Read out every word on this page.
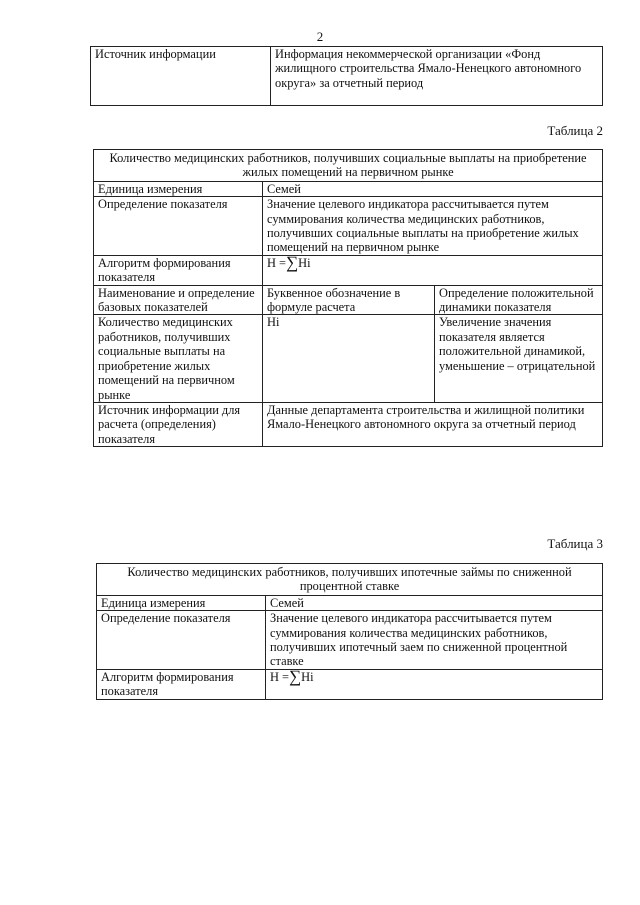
2
Источник информации	Информация некоммерческой организации «Фонд жилищного строительства Ямало-Ненецкого автономного округа» за отчетный период
Таблица 2
Количество медицинских работников, получивших социальные выплаты на приобретение жилых помещений на первичном рынке		
Единица измерения	Семей	
Определение показателя	Значение целевого индикатора рассчитывается путем суммирования количества медицинских работников, получивших социальные выплаты на приобретение жилых помещений на первичном рынке	
Алгоритм формирования показателя	Н =∑Hi	
Наименование и определение базовых показателей	Буквенное обозначение в формуле расчета	Определение положительной динамики показателя
Количество медицинских работников, получивших социальные выплаты на приобретение жилых помещений на первичном рынке	Hi	Увеличение значения показателя является положительной динамикой, уменьшение – отрицательной
Источник информации для расчета (определения) показателя	Данные департамента строительства и жилищной политики Ямало-Ненецкого автономного округа за отчетный период	
Таблица 3
Количество медицинских работников, получивших ипотечные займы по сниженной процентной ставке	
Единица измерения	Семей
Определение показателя	Значение целевого индикатора рассчитывается путем суммирования количества медицинских работников, получивших ипотечный заем по сниженной процентной ставке
Алгоритм формирования показателя	Н =∑Hi
